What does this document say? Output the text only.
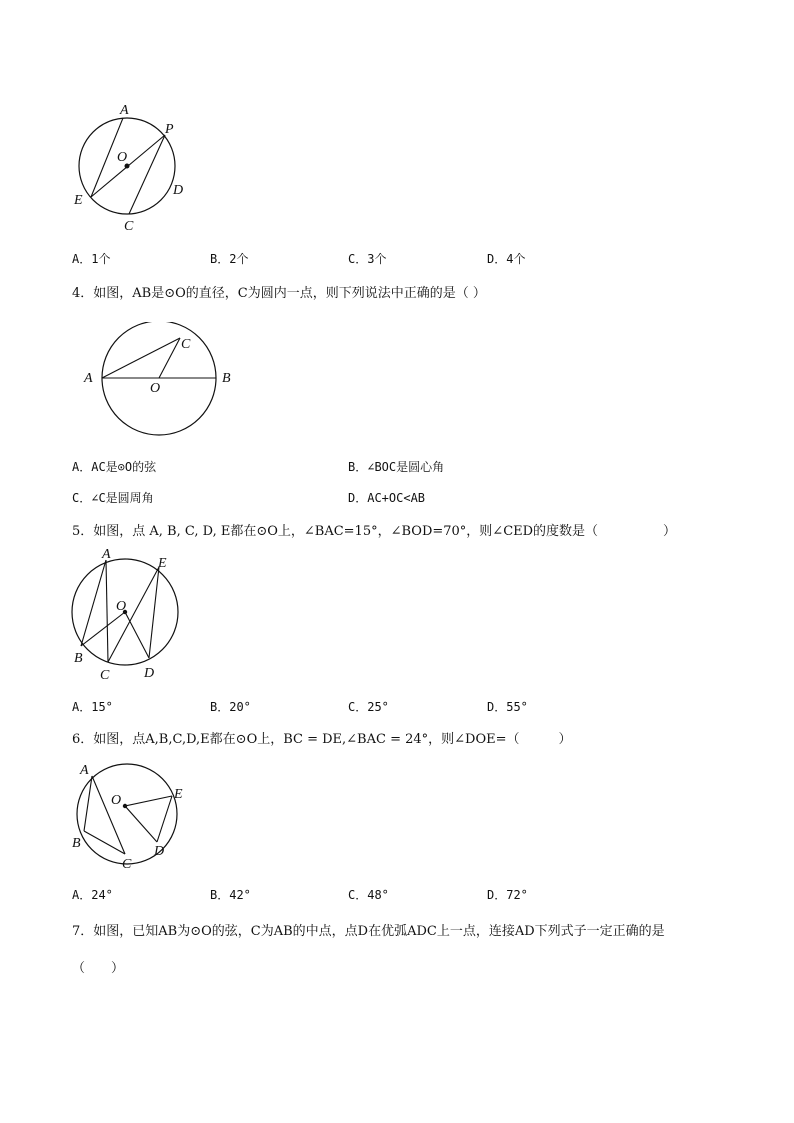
A
P
O
E
D
C
A．1个	B．2个	C．3个	D．4个
4．如图，AB是⊙O的直径，C为圆内一点，则下列说法中正确的是（ ）
A	B
C
O
A．AC是⊙O的弦	B．∠BOC是圆心角
C．∠C是圆周角	D．AC+OC<AB
5．如图，点 A, B, C, D, E都在⊙O上，∠BAC=15°，∠BOD=70°，则∠CED的度数是（　　　　　）
A
E
O
B
C D
A．15°	B．20°	C．25°	D．55°
6．如图，点A,B,C,D,E都在⊙O上，BC = DE,∠BAC = 24°，则∠DOE=（　　　）
A
O	E
B
C
D
A．24°	B．42°	C．48°	D．72°
7．如图，已知AB为⊙O的弦，C为AB的中点，点D在优弧ADC上一点，连接AD下列式子一定正确的是
（　　）
